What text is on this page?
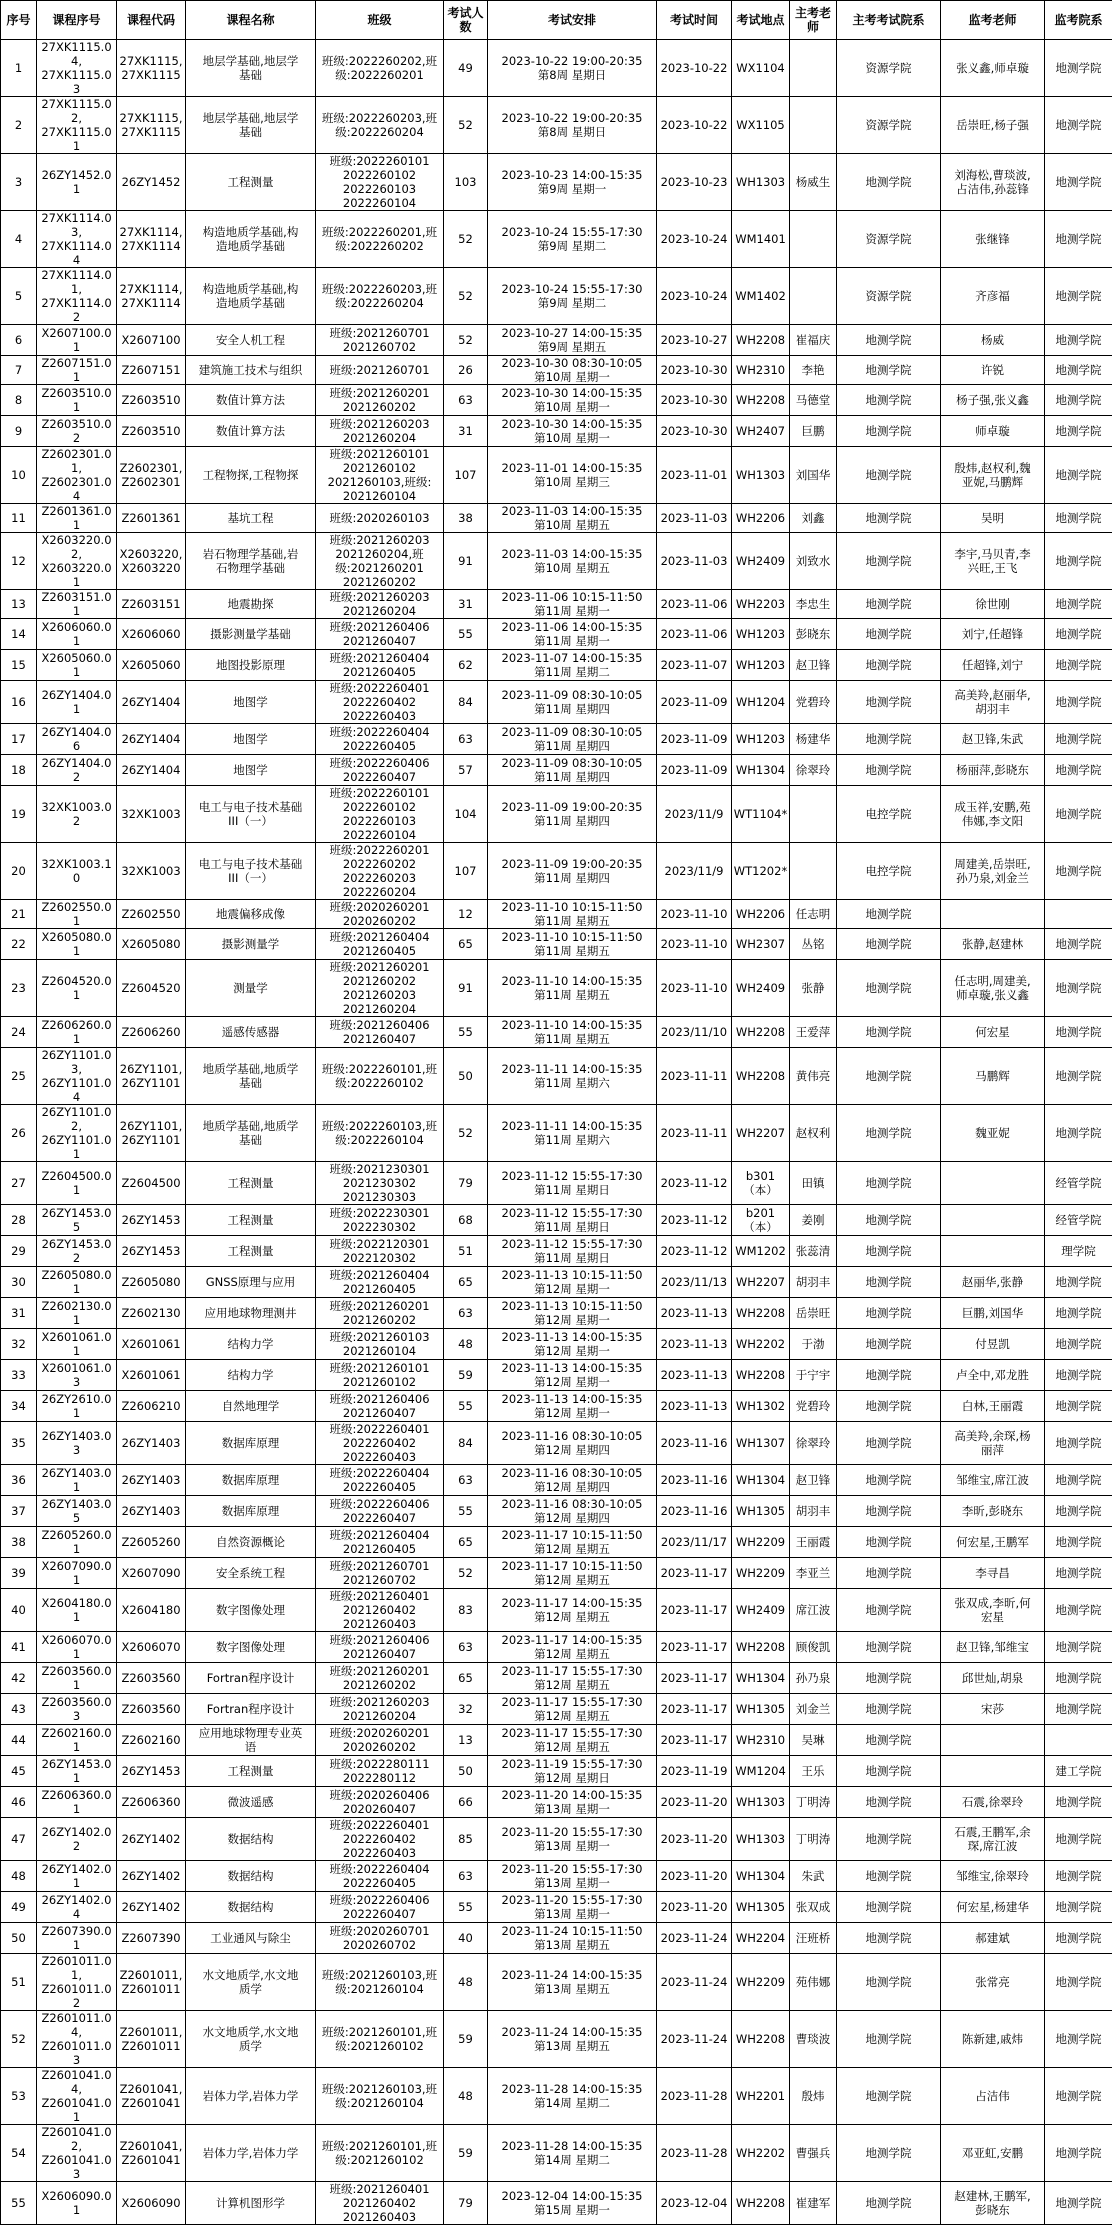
序号	课程序号	课程代码	课程名称	班级	考试人数	考试安排	考试时间	考试地点	主考老师	主考考试院系	监考老师	监考院系

1	27XK1115.04,
27XK1115.03	27XK1115,
27XK1115	地层学基础,地层学
基础	班级:2022260202,班
级:2022260201	49	2023-10-22 19:00-20:35
第8周 星期日	2023-10-22	WX1104		资源学院	张义鑫,师卓璇	地测学院

2	27XK1115.02,
27XK1115.01	27XK1115,
27XK1115	地层学基础,地层学
基础	班级:2022260203,班
级:2022260204	52	2023-10-22 19:00-20:35
第8周 星期日	2023-10-22	WX1105		资源学院	岳崇旺,杨子强	地测学院

3	26ZY1452.01	26ZY1452	工程测量	班级:2022260101
2022260102
2022260103
2022260104	103	2023-10-23 14:00-15:35
第9周 星期一	2023-10-23	WH1303	杨威生	地测学院	刘海松,曹琰波,
占洁伟,孙蕊锋	地测学院

4	27XK1114.03,
27XK1114.04	27XK1114,
27XK1114	构造地质学基础,构
造地质学基础	班级:2022260201,班
级:2022260202	52	2023-10-24 15:55-17:30
第9周 星期二	2023-10-24	WM1401		资源学院	张继锋	地测学院

5	27XK1114.01,
27XK1114.02	27XK1114,
27XK1114	构造地质学基础,构
造地质学基础	班级:2022260203,班
级:2022260204	52	2023-10-24 15:55-17:30
第9周 星期二	2023-10-24	WM1402		资源学院	齐彦福	地测学院

6	X2607100.01	X2607100	安全人机工程	班级:2021260701
2021260702	52	2023-10-27 14:00-15:35
第9周 星期五	2023-10-27	WH2208	崔福庆	地测学院	杨威	地测学院

7	Z2607151.01	Z2607151	建筑施工技术与组织	班级:2021260701	26	2023-10-30 08:30-10:05
第10周 星期一	2023-10-30	WH2310	李艳	地测学院	许锐	地测学院

8	Z2603510.01	Z2603510	数值计算方法	班级:2021260201
2021260202	63	2023-10-30 14:00-15:35
第10周 星期一	2023-10-30	WH2208	马德堂	地测学院	杨子强,张义鑫	地测学院

9	Z2603510.02	Z2603510	数值计算方法	班级:2021260203
2021260204	31	2023-10-30 14:00-15:35
第10周 星期一	2023-10-30	WH2407	巨鹏	地测学院	师卓璇	地测学院

10	Z2602301.01,
Z2602301.04	Z2602301,
Z2602301	工程物探,工程物探	班级:2021260101
2021260102
2021260103,班级:
2021260104	107	2023-11-01 14:00-15:35
第10周 星期三	2023-11-01	WH1303	刘国华	地测学院	殷炜,赵权利,魏
亚妮,马鹏辉	地测学院

11	Z2601361.01	Z2601361	基坑工程	班级:2020260103	38	2023-11-03 14:00-15:35
第10周 星期五	2023-11-03	WH2206	刘鑫	地测学院	吴明	地测学院

12	X2603220.02,
X2603220.01	X2603220,
X2603220	岩石物理学基础,岩
石物理学基础	班级:2021260203
2021260204,班
级:2021260201
2021260202	91	2023-11-03 14:00-15:35
第10周 星期五	2023-11-03	WH2409	刘致水	地测学院	李宇,马贝青,李
兴旺,王飞	地测学院

13	Z2603151.01	Z2603151	地震勘探	班级:2021260203
2021260204	31	2023-11-06 10:15-11:50
第11周 星期一	2023-11-06	WH2203	李忠生	地测学院	徐世刚	地测学院

14	X2606060.01	X2606060	摄影测量学基础	班级:2021260406
2021260407	55	2023-11-06 14:00-15:35
第11周 星期一	2023-11-06	WH1203	彭晓东	地测学院	刘宁,任超锋	地测学院

15	X2605060.01	X2605060	地图投影原理	班级:2021260404
2021260405	62	2023-11-07 14:00-15:35
第11周 星期二	2023-11-07	WH1203	赵卫锋	地测学院	任超锋,刘宁	地测学院

16	26ZY1404.01	26ZY1404	地图学	班级:2022260401
2022260402
2022260403	84	2023-11-09 08:30-10:05
第11周 星期四	2023-11-09	WH1204	党碧玲	地测学院	高美羚,赵丽华,
胡羽丰	地测学院

17	26ZY1404.06	26ZY1404	地图学	班级:2022260404
2022260405	63	2023-11-09 08:30-10:05
第11周 星期四	2023-11-09	WH1203	杨建华	地测学院	赵卫锋,朱武	地测学院

18	26ZY1404.02	26ZY1404	地图学	班级:2022260406
2022260407	57	2023-11-09 08:30-10:05
第11周 星期四	2023-11-09	WH1304	徐翠玲	地测学院	杨丽萍,彭晓东	地测学院

19	32XK1003.02	32XK1003	电工与电子技术基础
III（一）	班级:2022260101
2022260102
2022260103
2022260104	104	2023-11-09 19:00-20:35
第11周 星期四	2023/11/9	WT1104*		电控学院	成玉祥,安鹏,苑
伟娜,李文阳	地测学院

20	32XK1003.10	32XK1003	电工与电子技术基础
III（一）	班级:2022260201
2022260202
2022260203
2022260204	107	2023-11-09 19:00-20:35
第11周 星期四	2023/11/9	WT1202*		电控学院	周建美,岳崇旺,
孙乃泉,刘金兰	地测学院

21	Z2602550.01	Z2602550	地震偏移成像	班级:2020260201
2020260202	12	2023-11-10 10:15-11:50
第11周 星期五	2023-11-10	WH2206	任志明	地测学院		

22	X2605080.01	X2605080	摄影测量学	班级:2021260404
2021260405	65	2023-11-10 10:15-11:50
第11周 星期五	2023-11-10	WH2307	丛铭	地测学院	张静,赵建林	地测学院

23	Z2604520.01	Z2604520	测量学	班级:2021260201
2021260202
2021260203
2021260204	91	2023-11-10 14:00-15:35
第11周 星期五	2023-11-10	WH2409	张静	地测学院	任志明,周建美,
师卓璇,张义鑫	地测学院

24	Z2606260.01	Z2606260	遥感传感器	班级:2021260406
2021260407	55	2023-11-10 14:00-15:35
第11周 星期五	2023/11/10	WH2208	王爱萍	地测学院	何宏星	地测学院

25	26ZY1101.03,
26ZY1101.04	26ZY1101,
26ZY1101	地质学基础,地质学
基础	班级:2022260101,班
级:2022260102	50	2023-11-11 14:00-15:35
第11周 星期六	2023-11-11	WH2208	黄伟亮	地测学院	马鹏辉	地测学院

26	26ZY1101.02,
26ZY1101.01	26ZY1101,
26ZY1101	地质学基础,地质学
基础	班级:2022260103,班
级:2022260104	52	2023-11-11 14:00-15:35
第11周 星期六	2023-11-11	WH2207	赵权利	地测学院	魏亚妮	地测学院

27	Z2604500.01	Z2604500	工程测量	班级:2021230301
2021230302
2021230303	79	2023-11-12 15:55-17:30
第11周 星期日	2023-11-12	b301
（本）	田镇	地测学院		经管学院

28	26ZY1453.05	26ZY1453	工程测量	班级:2022230301
2022230302	68	2023-11-12 15:55-17:30
第11周 星期日	2023-11-12	b201
（本）	姜刚	地测学院		经管学院

29	26ZY1453.02	26ZY1453	工程测量	班级:2022120301
2022120302	51	2023-11-12 15:55-17:30
第11周 星期日	2023-11-12	WM1202	张蕊清	地测学院		理学院

30	Z2605080.01	Z2605080	GNSS原理与应用	班级:2021260404
2021260405	65	2023-11-13 10:15-11:50
第12周 星期一	2023/11/13	WH2207	胡羽丰	地测学院	赵丽华,张静	地测学院

31	Z2602130.01	Z2602130	应用地球物理测井	班级:2021260201
2021260202	63	2023-11-13 10:15-11:50
第12周 星期一	2023-11-13	WH2208	岳崇旺	地测学院	巨鹏,刘国华	地测学院

32	X2601061.01	X2601061	结构力学	班级:2021260103
2021260104	48	2023-11-13 14:00-15:35
第12周 星期一	2023-11-13	WH2202	于渤	地测学院	付昱凯	地测学院

33	X2601061.03	X2601061	结构力学	班级:2021260101
2021260102	59	2023-11-13 14:00-15:35
第12周 星期一	2023-11-13	WH2208	于宁宇	地测学院	卢全中,邓龙胜	地测学院

34	26ZY2610.01	Z2606210	自然地理学	班级:2021260406
2021260407	55	2023-11-13 14:00-15:35
第12周 星期一	2023-11-13	WH1302	党碧玲	地测学院	白林,王丽霞	地测学院

35	26ZY1403.03	26ZY1403	数据库原理	班级:2022260401
2022260402
2022260403	84	2023-11-16 08:30-10:05
第12周 星期四	2023-11-16	WH1307	徐翠玲	地测学院	高美羚,余琛,杨
丽萍	地测学院

36	26ZY1403.01	26ZY1403	数据库原理	班级:2022260404
2022260405	63	2023-11-16 08:30-10:05
第12周 星期四	2023-11-16	WH1304	赵卫锋	地测学院	邹维宝,席江波	地测学院

37	26ZY1403.05	26ZY1403	数据库原理	班级:2022260406
2022260407	55	2023-11-16 08:30-10:05
第12周 星期四	2023-11-16	WH1305	胡羽丰	地测学院	李昕,彭晓东	地测学院

38	Z2605260.01	Z2605260	自然资源概论	班级:2021260404
2021260405	65	2023-11-17 10:15-11:50
第12周 星期五	2023/11/17	WH2209	王丽霞	地测学院	何宏星,王鹏军	地测学院

39	X2607090.01	X2607090	安全系统工程	班级:2021260701
2021260702	52	2023-11-17 10:15-11:50
第12周 星期五	2023-11-17	WH2209	李亚兰	地测学院	李寻昌	地测学院

40	X2604180.01	X2604180	数字图像处理	班级:2021260401
2021260402
2021260403	83	2023-11-17 14:00-15:35
第12周 星期五	2023-11-17	WH2409	席江波	地测学院	张双成,李昕,何
宏星	地测学院

41	X2606070.01	X2606070	数字图像处理	班级:2021260406
2021260407	63	2023-11-17 14:00-15:35
第12周 星期五	2023-11-17	WH2208	顾俊凯	地测学院	赵卫锋,邹维宝	地测学院

42	Z2603560.01	Z2603560	Fortran程序设计	班级:2021260201
2021260202	65	2023-11-17 15:55-17:30
第12周 星期五	2023-11-17	WH1304	孙乃泉	地测学院	邱世灿,胡泉	地测学院

43	Z2603560.03	Z2603560	Fortran程序设计	班级:2021260203
2021260204	32	2023-11-17 15:55-17:30
第12周 星期五	2023-11-17	WH1305	刘金兰	地测学院	宋莎	地测学院

44	Z2602160.01	Z2602160	应用地球物理专业英
语	班级:2020260201
2020260202	13	2023-11-17 15:55-17:30
第12周 星期五	2023-11-17	WH2310	吴琳	地测学院		

45	26ZY1453.01	26ZY1453	工程测量	班级:2022280111
2022280112	50	2023-11-19 15:55-17:30
第12周 星期日	2023-11-19	WM1204	王乐	地测学院		建工学院

46	Z2606360.01	Z2606360	微波遥感	班级:2020260406
2020260407	66	2023-11-20 14:00-15:35
第13周 星期一	2023-11-20	WH1303	丁明涛	地测学院	石震,徐翠玲	地测学院

47	26ZY1402.02	26ZY1402	数据结构	班级:2022260401
2022260402
2022260403	85	2023-11-20 15:55-17:30
第13周 星期一	2023-11-20	WH1303	丁明涛	地测学院	石震,王鹏军,余
琛,席江波	地测学院

48	26ZY1402.01	26ZY1402	数据结构	班级:2022260404
2022260405	63	2023-11-20 15:55-17:30
第13周 星期一	2023-11-20	WH1304	朱武	地测学院	邹维宝,徐翠玲	地测学院

49	26ZY1402.04	26ZY1402	数据结构	班级:2022260406
2022260407	55	2023-11-20 15:55-17:30
第13周 星期一	2023-11-20	WH1305	张双成	地测学院	何宏星,杨建华	地测学院

50	Z2607390.01	Z2607390	工业通风与除尘	班级:2020260701
2020260702	40	2023-11-24 10:15-11:50
第13周 星期五	2023-11-24	WH2204	汪班桥	地测学院	郝建斌	地测学院

51	Z2601011.01,
Z2601011.02	Z2601011,
Z2601011	水文地质学,水文地
质学	班级:2021260103,班
级:2021260104	48	2023-11-24 14:00-15:35
第13周 星期五	2023-11-24	WH2209	苑伟娜	地测学院	张常亮	地测学院

52	Z2601011.04,
Z2601011.03	Z2601011,
Z2601011	水文地质学,水文地
质学	班级:2021260101,班
级:2021260102	59	2023-11-24 14:00-15:35
第13周 星期五	2023-11-24	WH2208	曹琰波	地测学院	陈新建,戚炜	地测学院

53	Z2601041.04,
Z2601041.01	Z2601041,
Z2601041	岩体力学,岩体力学	班级:2021260103,班
级:2021260104	48	2023-11-28 14:00-15:35
第14周 星期二	2023-11-28	WH2201	殷炜	地测学院	占洁伟	地测学院

54	Z2601041.02,
Z2601041.03	Z2601041,
Z2601041	岩体力学,岩体力学	班级:2021260101,班
级:2021260102	59	2023-11-28 14:00-15:35
第14周 星期二	2023-11-28	WH2202	曹强兵	地测学院	邓亚虹,安鹏	地测学院

55	X2606090.01	X2606090	计算机图形学	班级:2021260401
2021260402
2021260403	79	2023-12-04 14:00-15:35
第15周 星期一	2023-12-04	WH2208	崔建军	地测学院	赵建林,王鹏军,
彭晓东	地测学院
